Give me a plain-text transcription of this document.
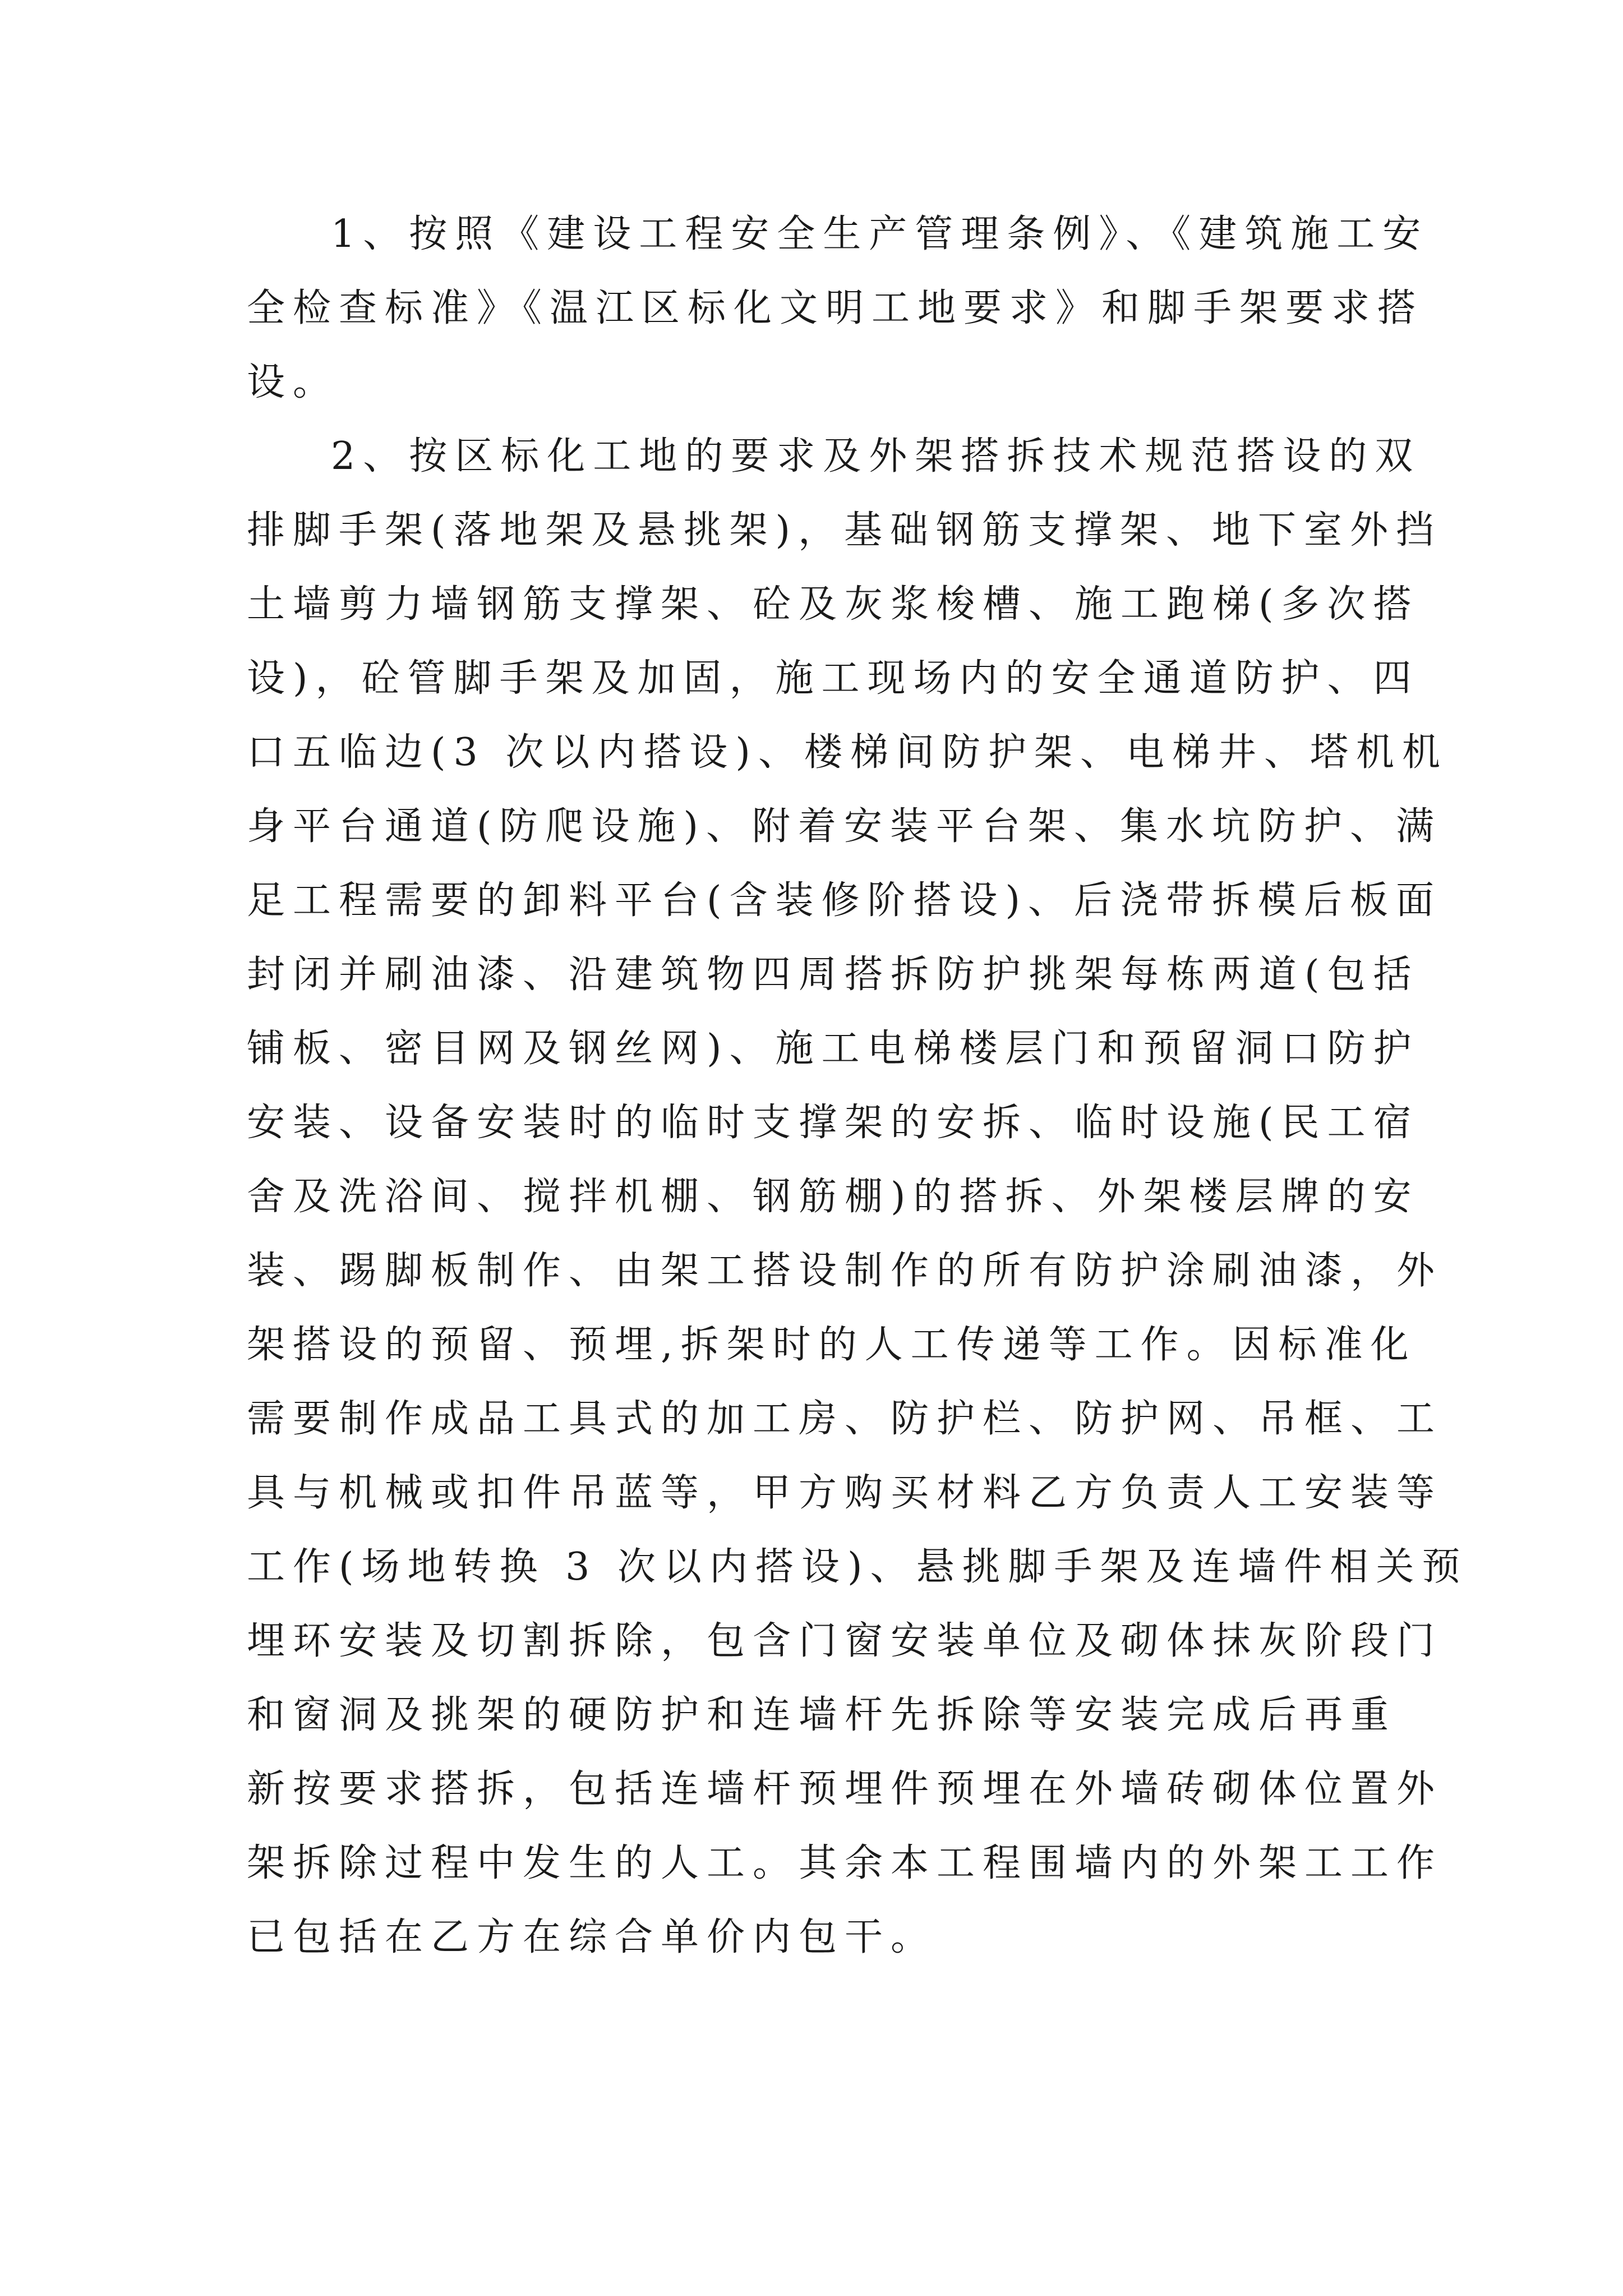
1、按照《建设工程安全生产管理条例》、《建筑施工安
全检查标准》《温江区标化文明工地要求》和脚手架要求搭
设。
2、按区标化工地的要求及外架搭拆技术规范搭设的双
排脚手架(落地架及悬挑架)，基础钢筋支撑架、地下室外挡
土墙剪力墙钢筋支撑架、砼及灰浆梭槽、施工跑梯(多次搭
设)，砼管脚手架及加固，施工现场内的安全通道防护、四
口五临边(3 次以内搭设)、楼梯间防护架、电梯井、塔机机
身平台通道(防爬设施)、附着安装平台架、集水坑防护、满
足工程需要的卸料平台(含装修阶搭设)、后浇带拆模后板面
封闭并刷油漆、沿建筑物四周搭拆防护挑架每栋两道(包括
铺板、密目网及钢丝网)、施工电梯楼层门和预留洞口防护
安装、设备安装时的临时支撑架的安拆、临时设施(民工宿
舍及洗浴间、搅拌机棚、钢筋棚)的搭拆、外架楼层牌的安
装、踢脚板制作、由架工搭设制作的所有防护涂刷油漆，外
架搭设的预留、预埋,拆架时的人工传递等工作。因标准化
需要制作成品工具式的加工房、防护栏、防护网、吊框、工
具与机械或扣件吊蓝等，甲方购买材料乙方负责人工安装等
工作(场地转换 3 次以内搭设)、悬挑脚手架及连墙件相关预
埋环安装及切割拆除，包含门窗安装单位及砌体抹灰阶段门
和窗洞及挑架的硬防护和连墙杆先拆除等安装完成后再重
新按要求搭拆，包括连墙杆预埋件预埋在外墙砖砌体位置外
架拆除过程中发生的人工。其余本工程围墙内的外架工工作
已包括在乙方在综合单价内包干。
